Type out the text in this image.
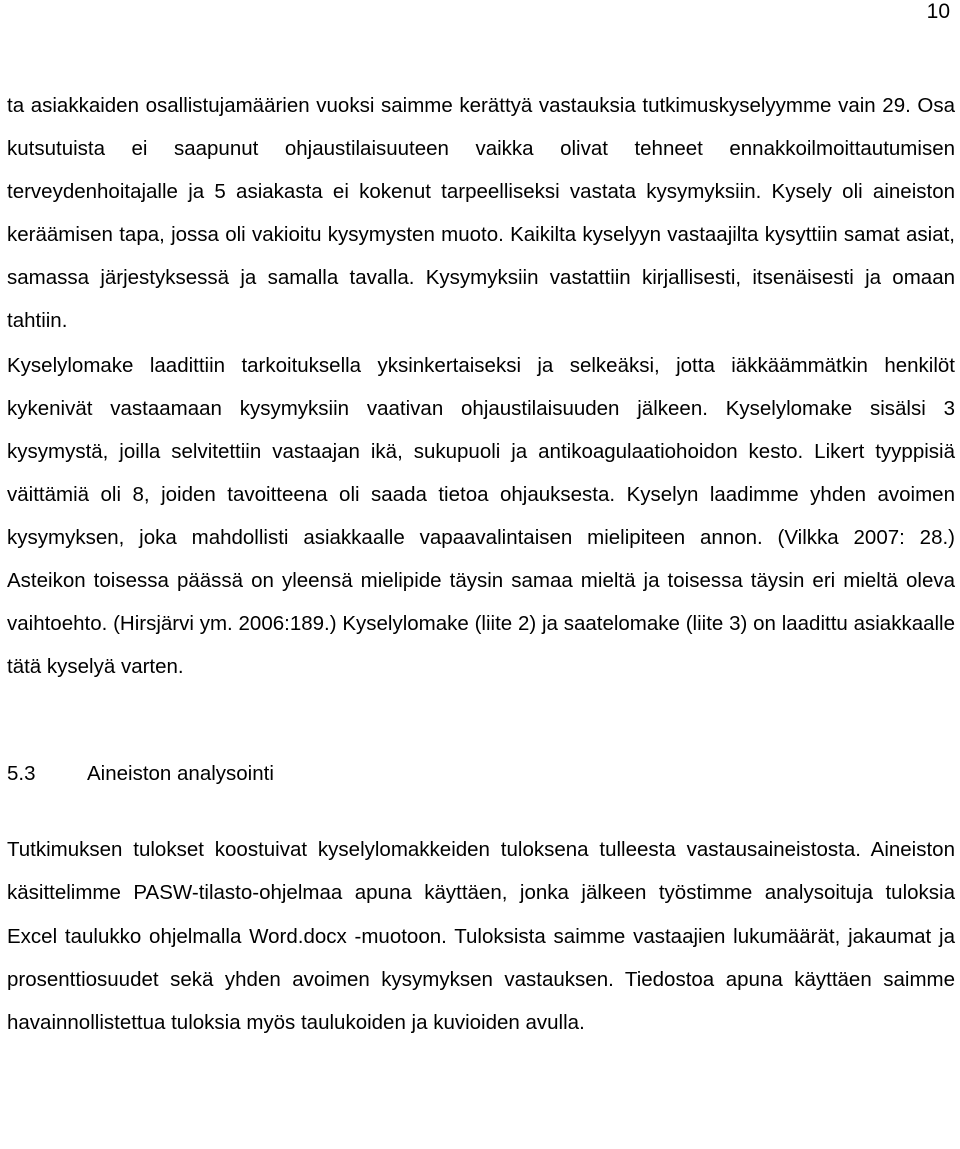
10

ta asiakkaiden osallistujamäärien vuoksi saimme kerättyä vastauksia tutkimuskyselyymme vain 29. Osa kutsutuista ei saapunut ohjaustilaisuuteen vaikka olivat tehneet ennakkoilmoittautumisen terveydenhoitajalle ja 5 asiakasta ei kokenut tarpeelliseksi vastata kysymyksiin. Kysely oli aineiston keräämisen tapa, jossa oli vakioitu kysymysten muoto. Kaikilta kyselyyn vastaajilta kysyttiin samat asiat, samassa järjestyksessä ja samalla tavalla. Kysymyksiin vastattiin kirjallisesti, itsenäisesti ja omaan tahtiin.

Kyselylomake laadittiin tarkoituksella yksinkertaiseksi ja selkeäksi, jotta iäkkäämmätkin henkilöt kykenivät vastaamaan kysymyksiin vaativan ohjaustilaisuuden jälkeen. Kyselylomake sisälsi 3 kysymystä, joilla selvitettiin vastaajan ikä, sukupuoli ja antikoagulaatiohoidon kesto. Likert tyyppisiä väittämiä oli 8, joiden tavoitteena oli saada tietoa ohjauksesta. Kyselyn laadimme yhden avoimen kysymyksen, joka mahdollisti asiakkaalle vapaavalintaisen mielipiteen annon. (Vilkka 2007: 28.) Asteikon toisessa päässä on yleensä mielipide täysin samaa mieltä ja toisessa täysin eri mieltä oleva vaihtoehto. (Hirsjärvi ym. 2006:189.) Kyselylomake (liite 2) ja saatelomake (liite 3) on laadittu asiakkaalle tätä kyselyä varten.

5.3	Aineiston analysointi

Tutkimuksen tulokset koostuivat kyselylomakkeiden tuloksena tulleesta vastausaineistosta. Aineiston käsittelimme PASW-tilasto-ohjelmaa apuna käyttäen, jonka jälkeen työstimme analysoituja tuloksia Excel taulukko ohjelmalla Word.docx -muotoon. Tuloksista saimme vastaajien lukumäärät, jakaumat ja prosenttiosuudet sekä yhden avoimen kysymyksen vastauksen. Tiedostoa apuna käyttäen saimme havainnollistettua tuloksia myös taulukoiden ja kuvioiden avulla.
